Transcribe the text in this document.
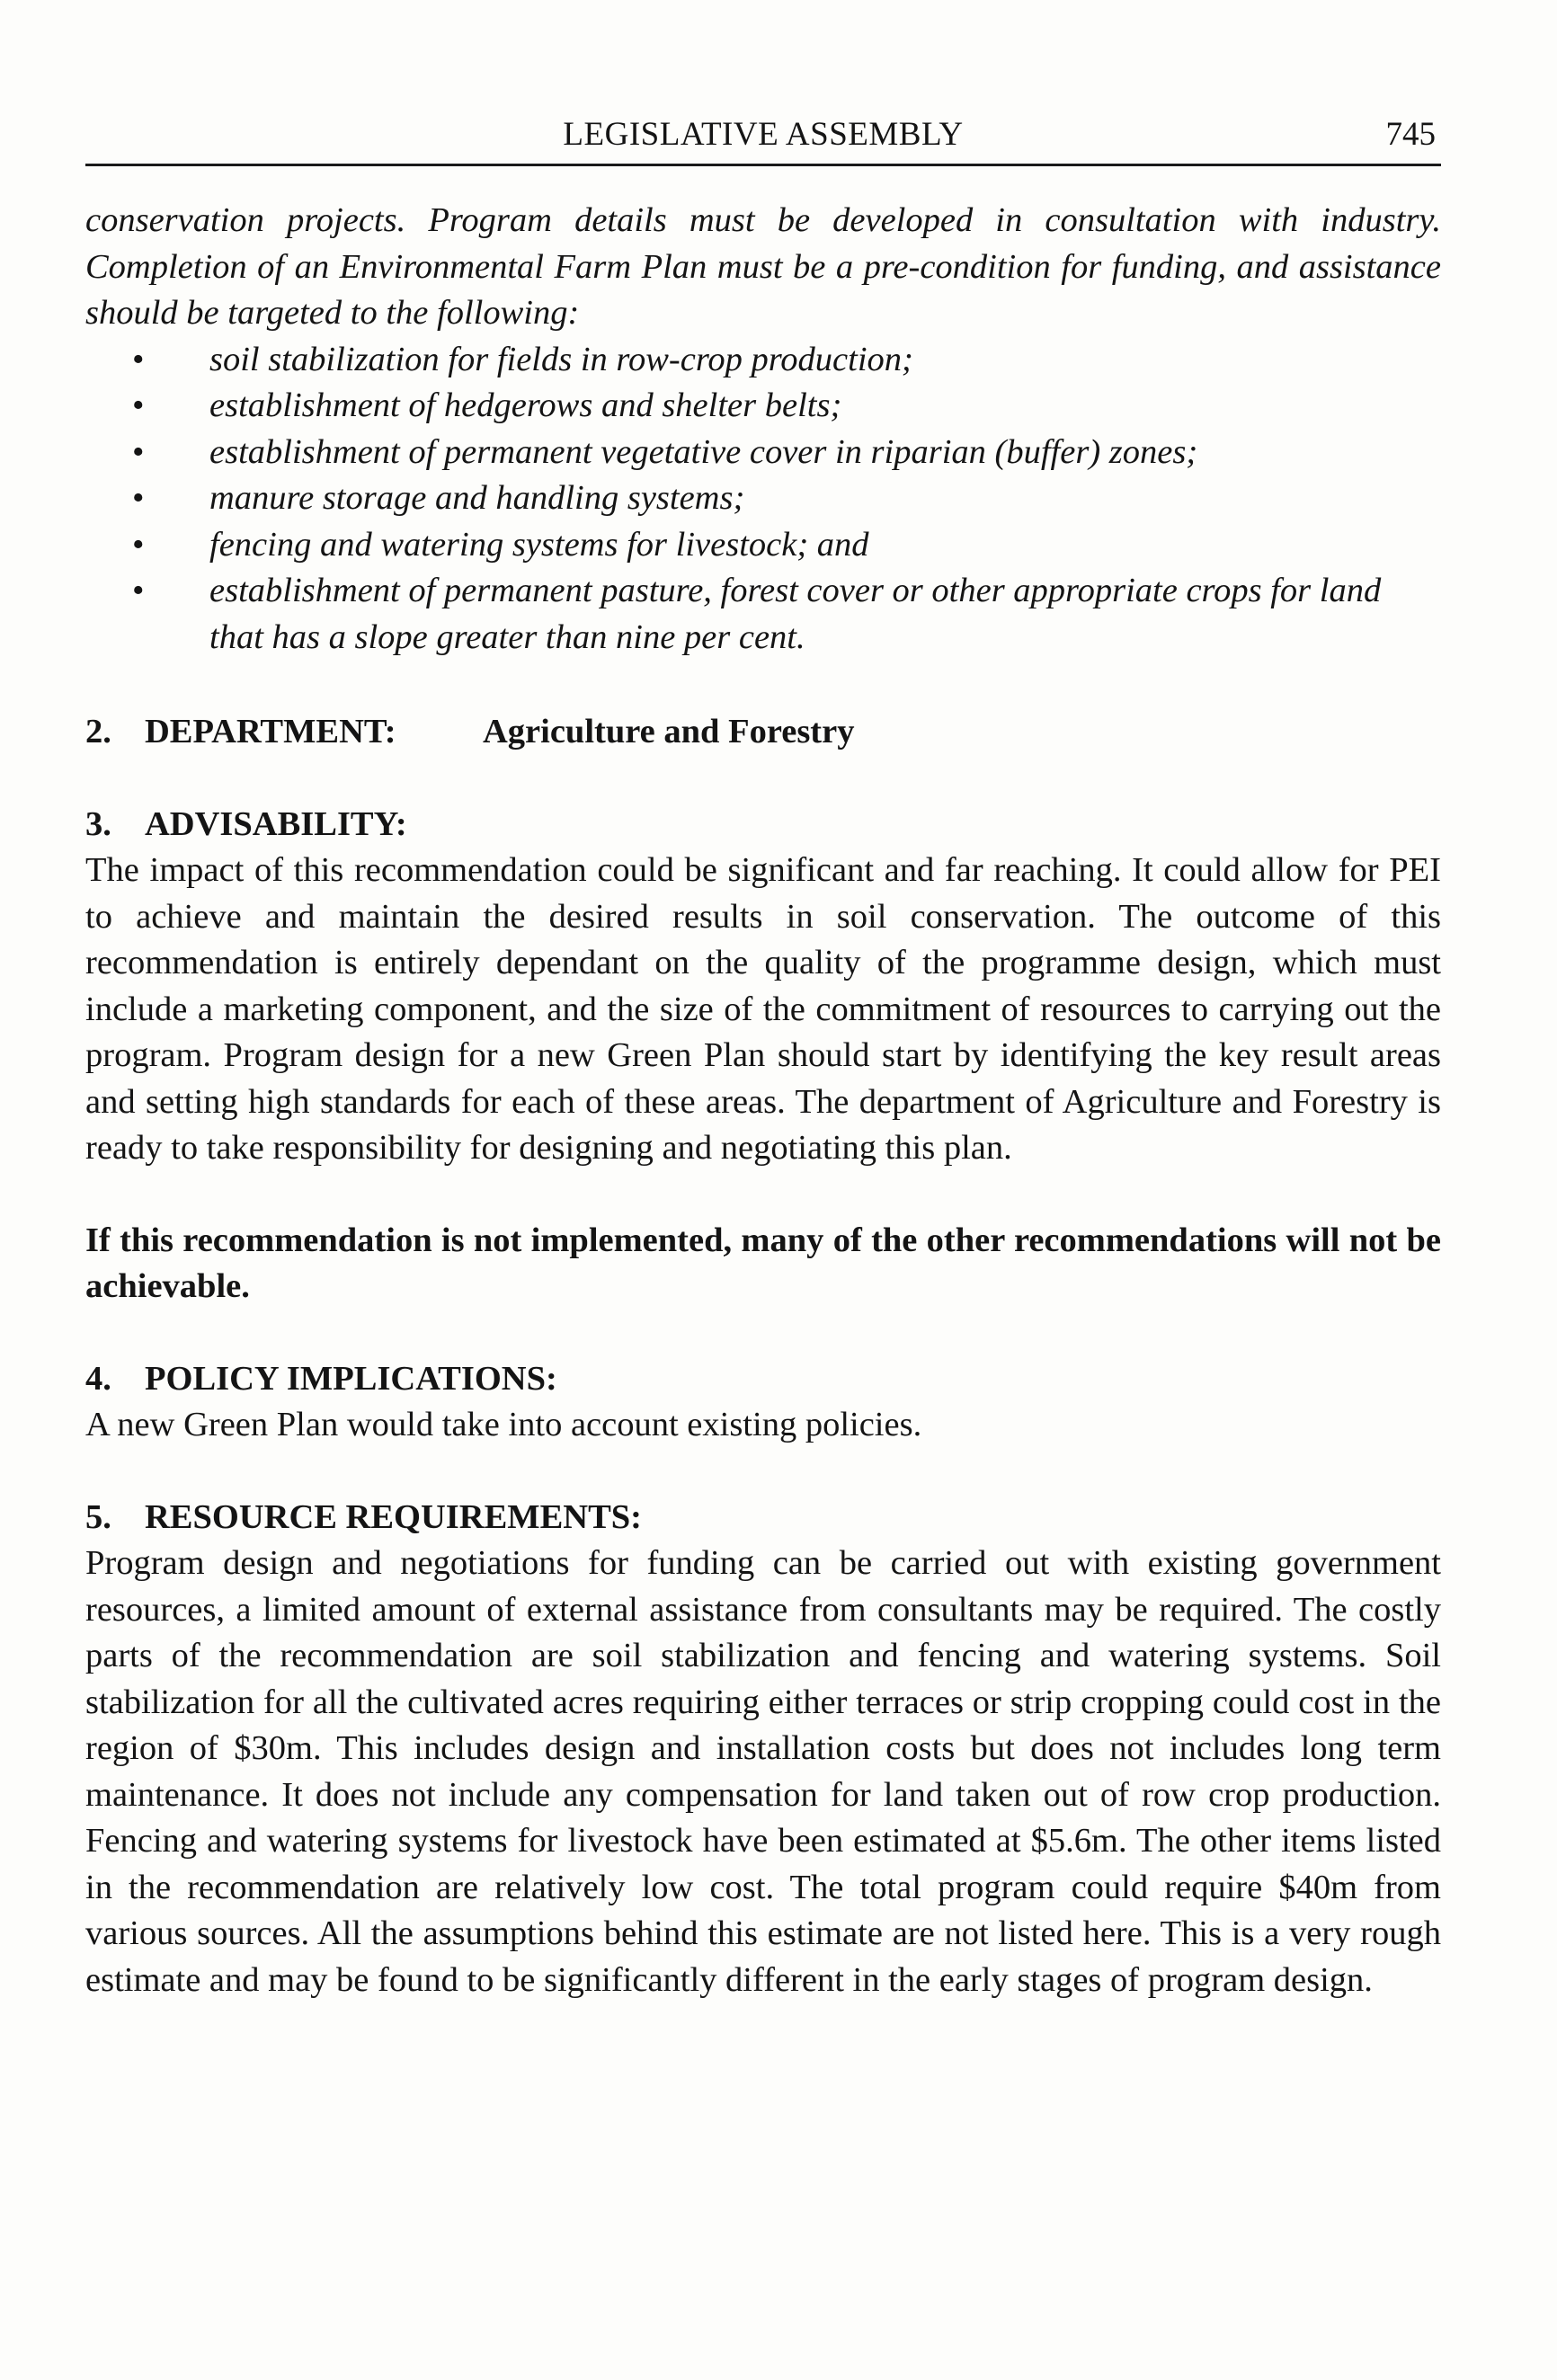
LEGISLATIVE ASSEMBLY	745

conservation projects. Program details must be developed in consultation with industry. Completion of an Environmental Farm Plan must be a pre-condition for funding, and assistance should be targeted to the following:

• soil stabilization for fields in row-crop production;
• establishment of hedgerows and shelter belts;
• establishment of permanent vegetative cover in riparian (buffer) zones;
• manure storage and handling systems;
• fencing and watering systems for livestock; and
• establishment of permanent pasture, forest cover or other appropriate crops for land that has a slope greater than nine per cent.
2. DEPARTMENT:	Agriculture and Forestry
3. ADVISABILITY:

The impact of this recommendation could be significant and far reaching. It could allow for PEI to achieve and maintain the desired results in soil conservation. The outcome of this recommendation is entirely dependant on the quality of the programme design, which must include a marketing component, and the size of the commitment of resources to carrying out the program. Program design for a new Green Plan should start by identifying the key result areas and setting high standards for each of these areas. The department of Agriculture and Forestry is ready to take responsibility for designing and negotiating this plan.

If this recommendation is not implemented, many of the other recommendations will not be achievable.

4. POLICY IMPLICATIONS:

A new Green Plan would take into account existing policies.

5. RESOURCE REQUIREMENTS:

Program design and negotiations for funding can be carried out with existing government resources, a limited amount of external assistance from consultants may be required. The costly parts of the recommendation are soil stabilization and fencing and watering systems. Soil stabilization for all the cultivated acres requiring either terraces or strip cropping could cost in the region of $30m. This includes design and installation costs but does not includes long term maintenance. It does not include any compensation for land taken out of row crop production. Fencing and watering systems for livestock have been estimated at $5.6m. The other items listed in the recommendation are relatively low cost. The total program could require $40m from various sources. All the assumptions behind this estimate are not listed here. This is a very rough estimate and may be found to be significantly different in the early stages of program design.
